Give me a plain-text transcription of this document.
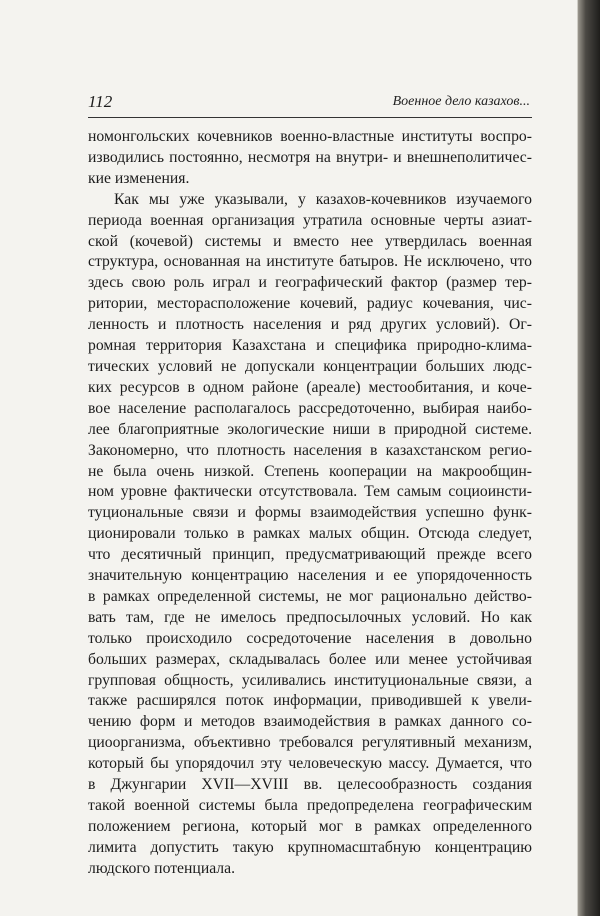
112	Военное дело казахов...
номонгольских кочевников военно-властные институты воспро-
изводились постоянно, несмотря на внутри- и внешнеполитичес-
кие изменения.
Как мы уже указывали, у казахов-кочевников изучаемого
периода военная организация утратила основные черты азиат-
ской (кочевой) системы и вместо нее утвердилась военная
структура, основанная на институте батыров. Не исключено, что
здесь свою роль играл и географический фактор (размер тер-
ритории, месторасположение кочевий, радиус кочевания, чис-
ленность и плотность населения и ряд других условий). Ог-
ромная территория Казахстана и специфика природно-клима-
тических условий не допускали концентрации больших людс-
ких ресурсов в одном районе (ареале) местообитания, и коче-
вое население располагалось рассредоточенно, выбирая наибо-
лее благоприятные экологические ниши в природной системе.
Закономерно, что плотность населения в казахстанском регио-
не была очень низкой. Степень кооперации на макрообщин-
ном уровне фактически отсутствовала. Тем самым социоинсти-
туциональные связи и формы взаимодействия успешно функ-
ционировали только в рамках малых общин. Отсюда следует,
что десятичный принцип, предусматривающий прежде всего
значительную концентрацию населения и ее упорядоченность
в рамках определенной системы, не мог рационально действо-
вать там, где не имелось предпосылочных условий. Но как
только происходило сосредоточение населения в довольно
больших размерах, складывалась более или менее устойчивая
групповая общность, усиливались институциональные связи, а
также расширялся поток информации, приводившей к увели-
чению форм и методов взаимодействия в рамках данного со-
циоорганизма, объективно требовался регулятивный механизм,
который бы упорядочил эту человеческую массу. Думается, что
в Джунгарии XVII—XVIII вв. целесообразность создания
такой военной системы была предопределена географическим
положением региона, который мог в рамках определенного
лимита допустить такую крупномасштабную концентрацию
людского потенциала.
